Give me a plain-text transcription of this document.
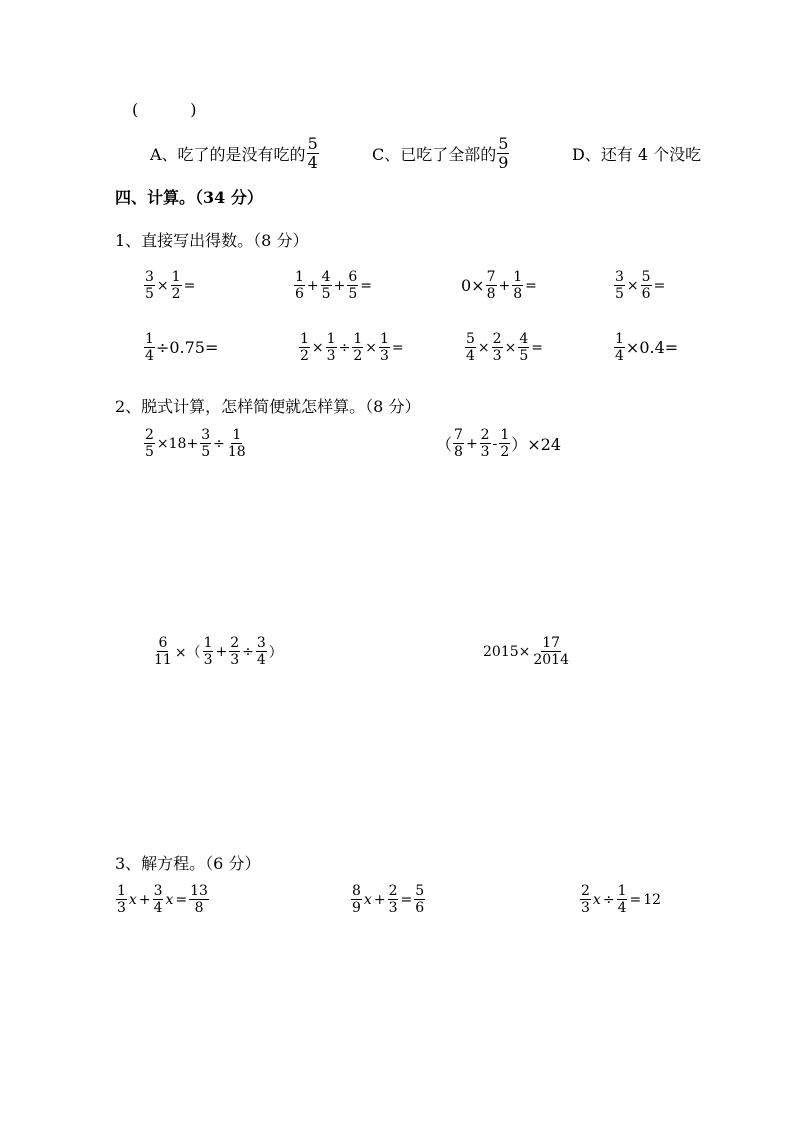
(	)
A、吃了的是没有吃的 $\frac{5}{4}$	C、已吃了全部的 $\frac{5}{9}$	D、还有 4 个没吃
四、计算。（34 分）
1、直接写出得数。（8 分）
$\frac{3}{5} \times \frac{1}{2}$ =	$\frac{1}{6} + \frac{4}{5} + \frac{6}{5}$ =	$0\times \frac{7}{8} + \frac{1}{8}$ =	$\frac{3}{5} \times \frac{5}{6}$ =
$\frac{1}{4} \div 0.75=$	$\frac{1}{2} \times \frac{1}{3} \div \frac{1}{2} \times \frac{1}{3}$ =	$\frac{5}{4} \times \frac{2}{3} \times \frac{4}{5}$ =	$\frac{1}{4} \times 0.4=$
2、脱式计算，怎样简便就怎样算。（8 分）
$\frac{2}{5} \times 18+ \frac{3}{5} \div \frac{1}{18}$	（ $\frac{7}{8} + \frac{2}{3} - \frac{1}{2} )\times 24$
$\frac{6}{11}$ ×（ $\frac{1}{3} + \frac{2}{3} \div \frac{3}{4}$ ）	$2015\times \frac{17}{2014}$
3、解方程。（6 分）
$\frac{1}{3}$ $x + \frac{3}{4}$ $x = \frac{13}{8}$	$\frac{8}{9}$ $x + \frac{2}{3} = \frac{5}{6}$	$\frac{2}{3}$ $x \div \frac{1}{4} = 12$
